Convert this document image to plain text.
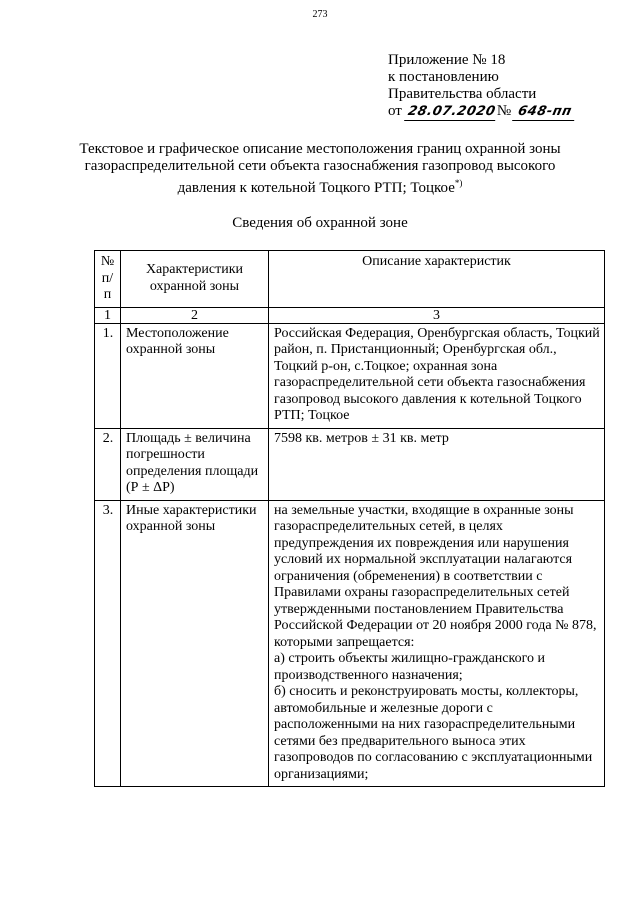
273
Приложение № 18
к постановлению
Правительства области
от 28.07.2020№ 648-пп
Текстовое и графическое описание местоположения границ охранной зоны
газораспределительной сети объекта газоснабжения газопровод высокого
давления к котельной Тоцкого РТП; Тоцкое*)
Сведения об охранной зоне
№ п/п	Характеристики охранной зоны	Описание характеристик
1	2	3
1.	Местоположение охранной зоны	Российская Федерация, Оренбургская область, Тоцкий район, п. Пристанционный; Оренбургская обл., Тоцкий р-он, с.Тоцкое; охранная зона газораспределительной сети объекта газоснабжения газопровод высокого давления к котельной Тоцкого РТП; Тоцкое
2.	Площадь ± величина погрешности определения площади (Р ± ΔР)	7598 кв. метров ± 31 кв. метр
3.	Иные характеристики охранной зоны	на земельные участки, входящие в охранные зоны газораспределительных сетей, в целях предупреждения их повреждения или нарушения условий их нормальной эксплуатации налагаются ограничения (обременения) в соответствии с Правилами охраны газораспределительных сетей утвержденными постановлением Правительства Российской Федерации от 20 ноября 2000 года № 878, которыми запрещается:
а) строить объекты жилищно-гражданского и производственного назначения;
б) сносить и реконструировать мосты, коллекторы, автомобильные и железные дороги с расположенными на них газораспределительными сетями без предварительного выноса этих газопроводов по согласованию с эксплуатационными организациями;
